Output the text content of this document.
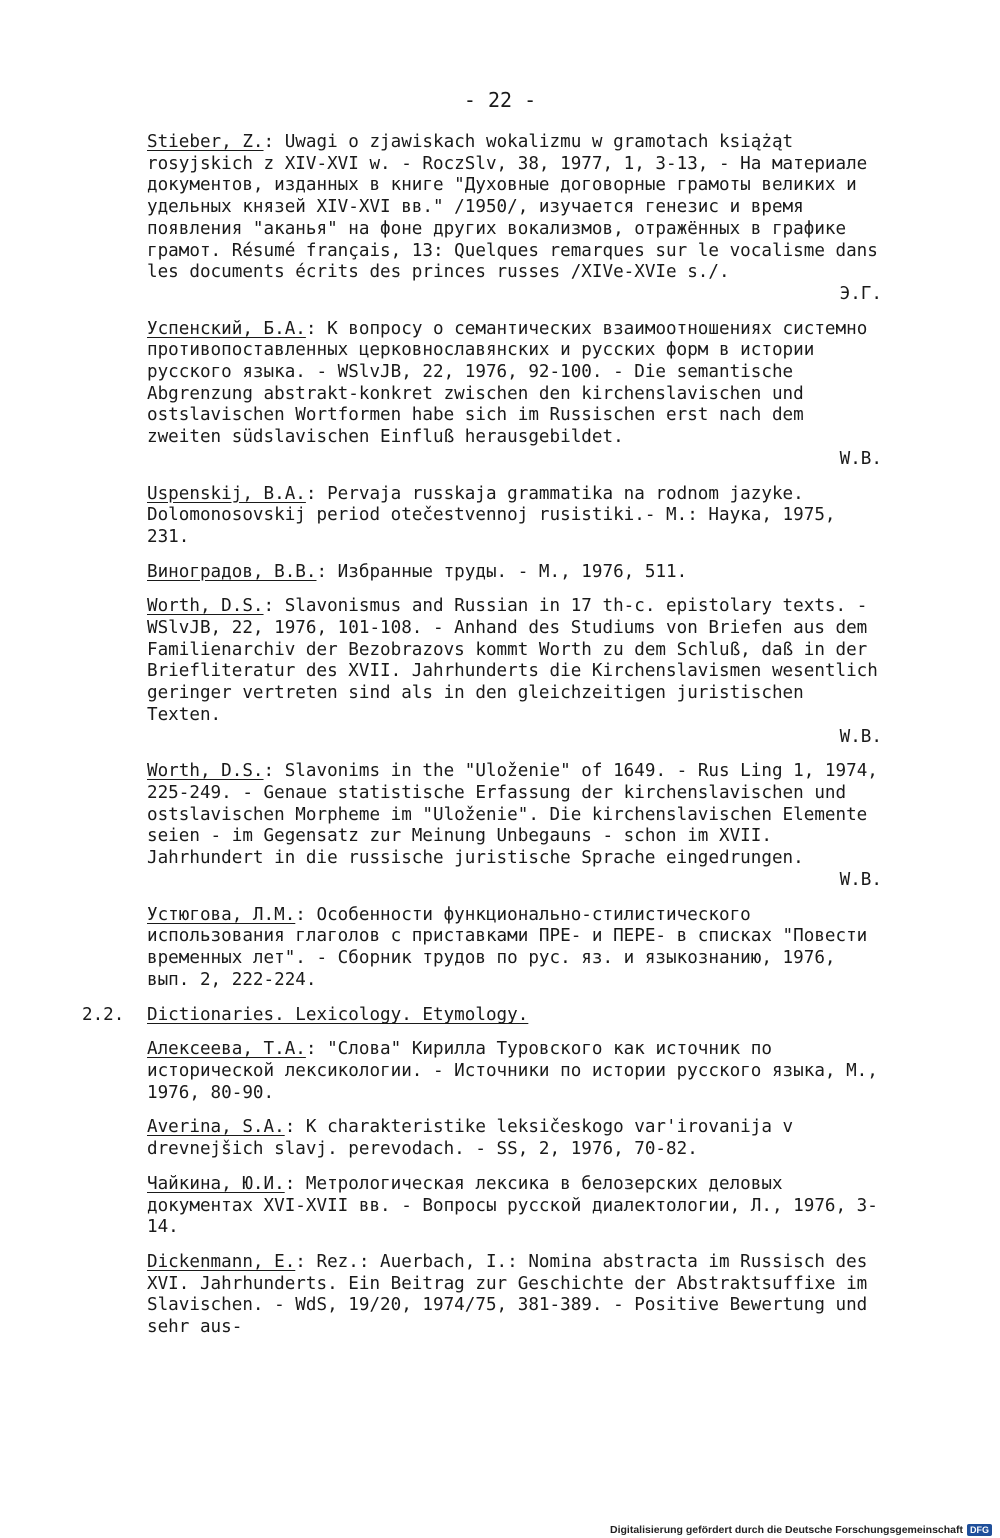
- 22 -
Stieber, Z.: Uwagi o zjawiskach wokalizmu w gramotach książąt rosyjskich z XIV-XVI w. - RoczSlv, 38, 1977, 1, 3-13, - На материале документов, изданных в книге "Духовные договорные грамоты великих и удельных князей XIV-XVI вв." /1950/, изучается генезис и время появления "аканья" на фоне других вокализмов, отражённых в графике грамот. Résumé français, 13: Quelques remarques sur le vocalisme dans les documents écrits des princes russes /XIVe-XVIe s./.
Э.Г.
Успенский, Б.А.: К вопросу о семантических взаимоотношениях системно противопоставленных церковнославянских и русских форм в истории русского языка. - WSlvJB, 22, 1976, 92-100. - Die semantische Abgrenzung abstrakt-konkret zwischen den kirchenslavischen und ostslavischen Wortformen habe sich im Russischen erst nach dem zweiten südslavischen Einfluß herausgebildet.
W.B.
Uspenskij, B.A.: Pervaja russkaja grammatika na rodnom jazyke. Dolomonosovskij period otečestvennoj rusistiki.- M.: Наука, 1975, 231.
Виноградов, В.В.: Избранные труды. - М., 1976, 511.
Worth, D.S.: Slavonismus and Russian in 17 th-c. epistolary texts. - WSlvJB, 22, 1976, 101-108. - Anhand des Studiums von Briefen aus dem Familienarchiv der Bezobrazovs kommt Worth zu dem Schluß, daß in der Briefliteratur des XVII. Jahrhunderts die Kirchenslavismen wesentlich geringer vertreten sind als in den gleichzeitigen juristischen Texten.
W.B.
Worth, D.S.: Slavonims in the "Uloženie" of 1649. - Rus Ling 1, 1974, 225-249. - Genaue statistische Erfassung der kirchenslavischen und ostslavischen Morpheme im "Uloženie". Die kirchenslavischen Elemente seien - im Gegensatz zur Meinung Unbegauns - schon im XVII. Jahrhundert in die russische juristische Sprache eingedrungen.
W.B.
Устюгова, Л.М.: Особенности функционально-стилистического использования глаголов с приставками ПРЕ- и ПЕРЕ- в списках "Повести временных лет". - Сборник трудов по рус. яз. и языкознанию, 1976, вып. 2, 222-224.
2.2.	Dictionaries. Lexicology. Etymology.
Алексеева, Т.А.: "Слова" Кирилла Туровского как источник по исторической лексикологии. - Источники по истории русского языка, М., 1976, 80-90.
Averina, S.A.: K charakteristike leksičeskogo var'irovanija v drevnejšich slavj. perevodach. - SS, 2, 1976, 70-82.
Чайкина, Ю.И.: Метрологическая лексика в белозерских деловых документах XVI-XVII вв. - Вопросы русской диалектологии, Л., 1976, 3-14.
Dickenmann, E.: Rez.: Auerbach, I.: Nomina abstracta im Russisch des XVI. Jahrhunderts. Ein Beitrag zur Geschichte der Abstraktsuffixe im Slavischen. - WdS, 19/20, 1974/75, 381-389. - Positive Bewertung und sehr aus-
Digitalisierung gefördert durch die Deutsche Forschungsgemeinschaft DFG
